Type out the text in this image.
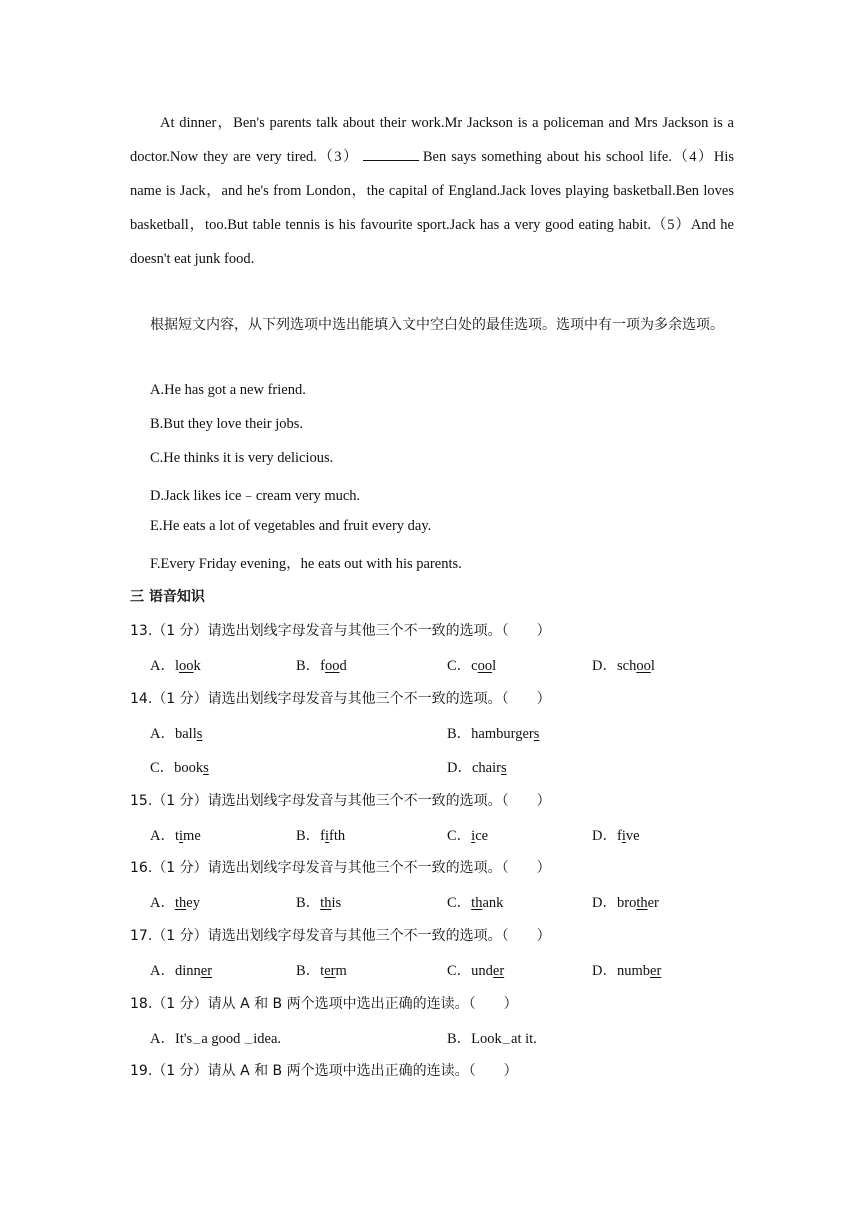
At dinner，Ben's parents talk about their work.Mr Jackson is a policeman and Mrs Jackson is a doctor.Now they are very tired.（3）	Ben says something about his school life.（4）His name is Jack，and he's from London，the capital of England.Jack loves playing basketball.Ben loves basketball，too.But table tennis is his favourite sport.Jack has a very good eating habit.（5）And he doesn't eat junk food.

根据短文内容，从下列选项中选出能填入文中空白处的最佳选项。选项中有一项为多余选项。
A.He has got a new friend.
B.But they love their jobs.
C.He thinks it is very delicious.
D.Jack likes ice﹣cream very much.
E.He eats a lot of vegetables and fruit every day.
F.Every Friday evening，he eats out with his parents.
三 语音知识
13.（1 分）请选出划线字母发音与其他三个不一致的选项。（　　）
A．look	B．food	C．cool	D．school
14.（1 分）请选出划线字母发音与其他三个不一致的选项。（　　）
A．balls	B．hamburgers
C．books	D．chairs
15.（1 分）请选出划线字母发音与其他三个不一致的选项。（　　）
A．time	B．fifth	C．ice	D．five
16.（1 分）请选出划线字母发音与其他三个不一致的选项。（　　）
A．they	B．this	C．thank	D．brother
17.（1 分）请选出划线字母发音与其他三个不一致的选项。（　　）
A．dinner	B．term	C．under	D．number
18.（1 分）请从 A 和 B 两个选项中选出正确的连读。（　　）
A．It's‿a good ‿idea.	B．Look‿at it.
19.（1 分）请从 A 和 B 两个选项中选出正确的连读。（　　）
